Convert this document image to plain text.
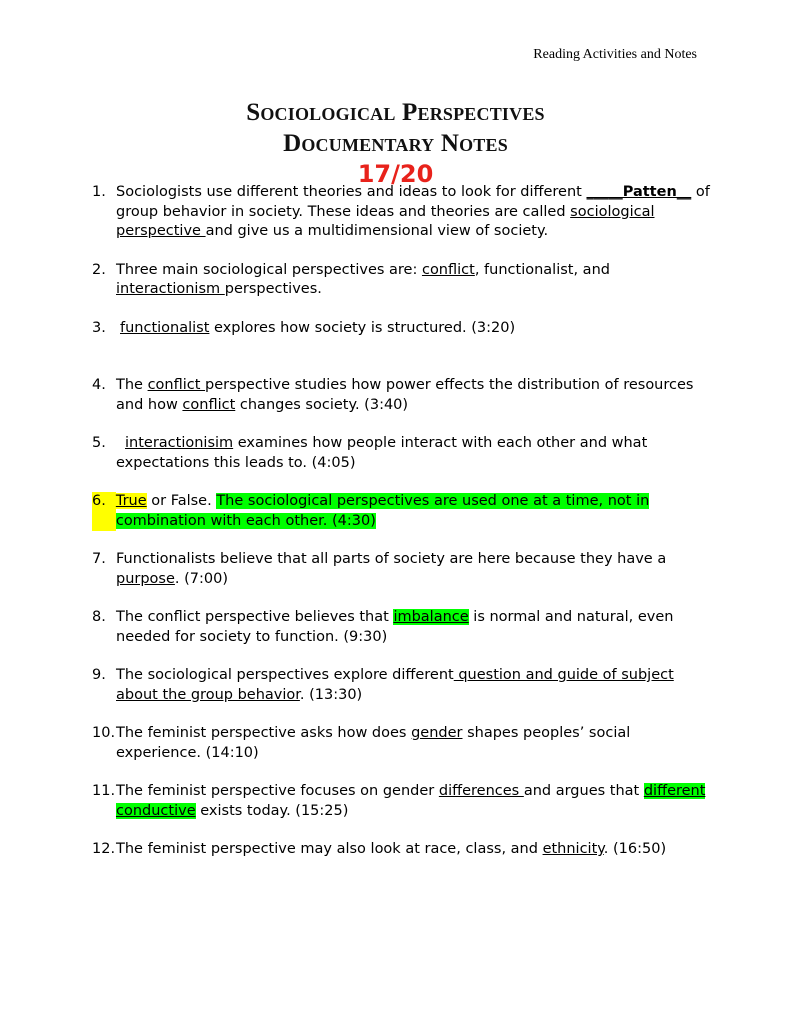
Reading Activities and Notes
Sociological Perspectives
Documentary Notes
17/20
1. Sociologists use different theories and ideas to look for different _____Patten__ of group behavior in society. These ideas and theories are called sociological perspective and give us a multidimensional view of society.
2. Three main sociological perspectives are: conflict, functionalist, and interactionism perspectives.
3. functionalist explores how society is structured. (3:20)
4. The conflict perspective studies how power effects the distribution of resources and how conflict changes society. (3:40)
5.	interactionisim examines how people interact with each other and what expectations this leads to. (4:05)
6. True or False. The sociological perspectives are used one at a time, not in combination with each other. (4:30)
7. Functionalists believe that all parts of society are here because they have a purpose. (7:00)
8. The conflict perspective believes that imbalance is normal and natural, even needed for society to function. (9:30)
9. The sociological perspectives explore different question and guide of subject about the group behavior. (13:30)
10. The feminist perspective asks how does gender shapes peoples’ social experience. (14:10)
11. The feminist perspective focuses on gender differences and argues that different conductive exists today. (15:25)
12. The feminist perspective may also look at race, class, and ethnicity. (16:50)
